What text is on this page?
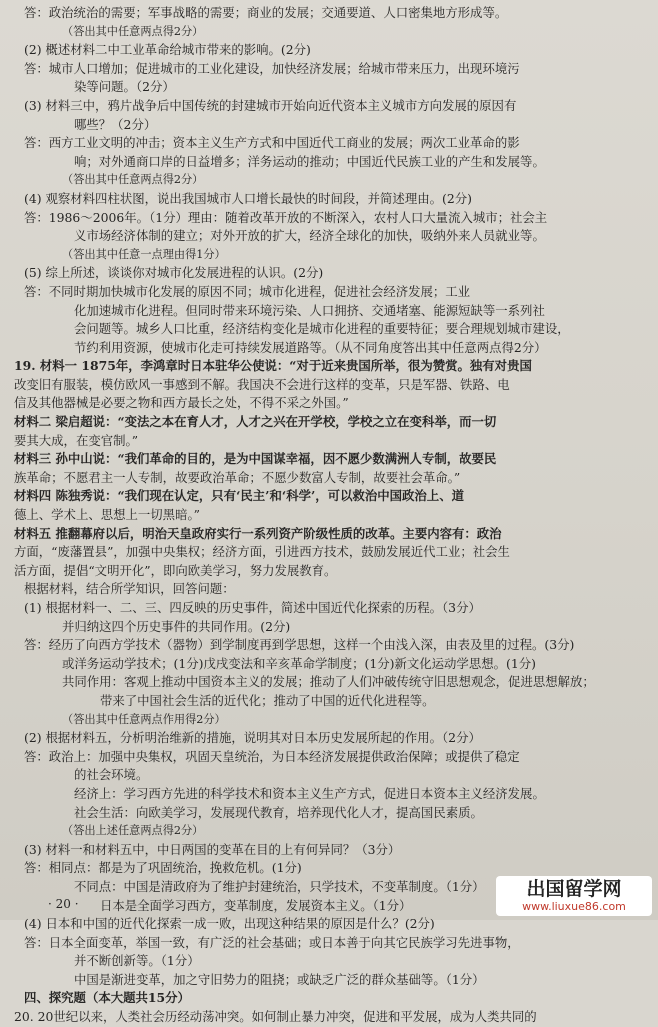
答：政治统治的需要；军事战略的需要；商业的发展；交通要道、人口密集地方形成等。
（答出其中任意两点得2分）
(2) 概述材料二中工业革命给城市带来的影响。(2分)
答：城市人口增加；促进城市的工业化建设，加快经济发展；给城市带来压力，出现环境污
染等问题。（2分）
(3) 材料三中，鸦片战争后中国传统的封建城市开始向近代资本主义城市方向发展的原因有
哪些？（2分）
答：西方工业文明的冲击；资本主义生产方式和中国近代工商业的发展；两次工业革命的影
响；对外通商口岸的日益增多；洋务运动的推动；中国近代民族工业的产生和发展等。
（答出其中任意两点得2分）
(4) 观察材料四柱状图，说出我国城市人口增长最快的时间段，并简述理由。(2分)
答：1986～2006年。（1分）理由：随着改革开放的不断深入，农村人口大量流入城市；社会主
义市场经济体制的建立；对外开放的扩大，经济全球化的加快，吸纳外来人员就业等。
（答出其中任意一点理由得1分）
(5) 综上所述，谈谈你对城市化发展进程的认识。(2分)
答：不同时期加快城市化发展的原因不同；城市化进程，促进社会经济发展；工业
化加速城市化进程。但同时带来环境污染、人口拥挤、交通堵塞、能源短缺等一系列社
会问题等。城乡人口比重，经济结构变化是城市化进程的重要特征；要合理规划城市建设，
节约利用资源，使城市化走可持续发展道路等。（从不同角度答出其中任意两点得2分）
19. 材料一 1875年，李鸿章时日本驻华公使说：“对于近来贵国所举，很为赞赏。独有对贵国
改变旧有服装，模仿欧风一事感到不解。我国决不会进行这样的变革，只是军器、铁路、电
信及其他器械是必要之物和西方最长之处，不得不采之外国。”
材料二 梁启超说：“变法之本在育人才，人才之兴在开学校，学校之立在变科举，而一切
要其大成，在变官制。”
材料三 孙中山说：“我们革命的目的，是为中国谋幸福，因不愿少数满洲人专制，故要民
族革命；不愿君主一人专制，故要政治革命；不愿少数富人专制，故要社会革命。”
材料四 陈独秀说：“我们现在认定，只有‘民主’和‘科学’，可以救治中国政治上、道
德上、学术上、思想上一切黑暗。”
材料五 推翻幕府以后，明治天皇政府实行一系列资产阶级性质的改革。主要内容有：政治
方面，“废藩置县”，加强中央集权；经济方面，引进西方技术，鼓励发展近代工业；社会生
活方面，提倡“文明开化”，即向欧美学习，努力发展教育。
根据材料，结合所学知识，回答问题：
(1) 根据材料一、二、三、四反映的历史事件，简述中国近代化探索的历程。（3分）
并归纳这四个历史事件的共同作用。(2分)
答：经历了向西方学技术（器物）到学制度再到学思想，这样一个由浅入深，由表及里的过程。(3分)
或洋务运动学技术；(1分)戊戌变法和辛亥革命学制度；(1分)新文化运动学思想。(1分)
共同作用：客观上推动中国资本主义的发展；推动了人们冲破传统守旧思想观念，促进思想解放；
带来了中国社会生活的近代化；推动了中国的近代化进程等。
（答出其中任意两点作用得2分）
(2) 根据材料五，分析明治维新的措施，说明其对日本历史发展所起的作用。（2分）
答：政治上：加强中央集权，巩固天皇统治，为日本经济发展提供政治保障；或提供了稳定
的社会环境。
经济上：学习西方先进的科学技术和资本主义生产方式，促进日本资本主义经济发展。
社会生活：向欧美学习，发展现代教育，培养现代化人才，提高国民素质。
（答出上述任意两点得2分）
(3) 材料一和材料五中，中日两国的变革在目的上有何异同？（3分）
答：相同点：都是为了巩固统治，挽救危机。(1分)
不同点：中国是清政府为了维护封建统治，只学技术，不变革制度。（1分）
日本是全面学习西方，变革制度，发展资本主义。（1分）
(4) 日本和中国的近代化探索一成一败，出现这种结果的原因是什么？(2分)
答：日本全面变革，举国一致，有广泛的社会基础；或日本善于向其它民族学习先进事物，
并不断创新等。（1分）
中国是渐进变革，加之守旧势力的阻挠；或缺乏广泛的群众基础等。（1分）
四、探究题（本大题共15分）
20. 20世纪以来，人类社会历经动荡冲突。如何制止暴力冲突，促进和平发展，成为人类共同的
· 20 ·
出国留学网
www.liuxue86.com
